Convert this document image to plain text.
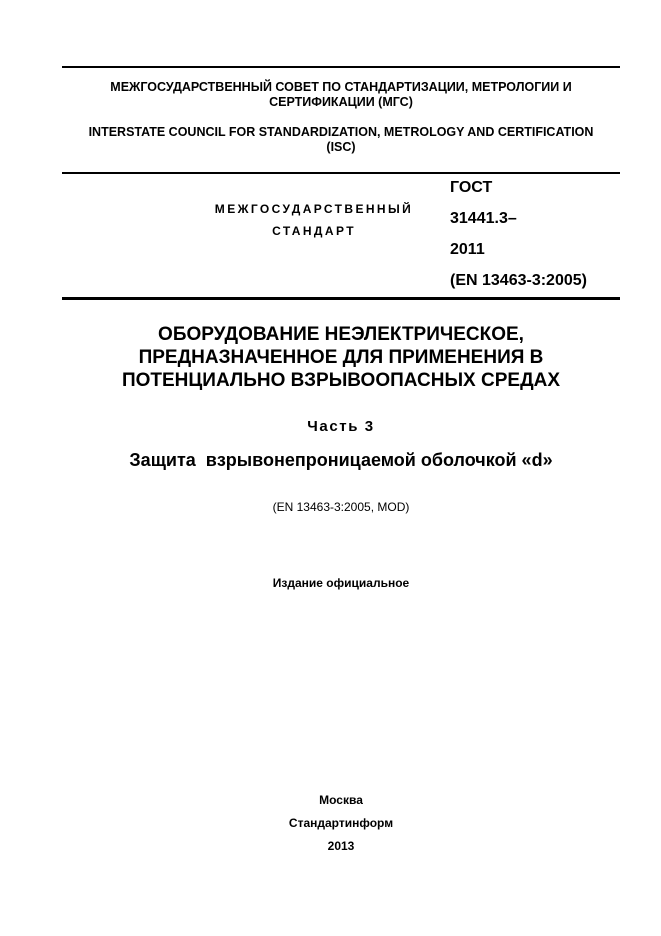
МЕЖГОСУДАРСТВЕННЫЙ СОВЕТ ПО СТАНДАРТИЗАЦИИ, МЕТРОЛОГИИ И
СЕРТИФИКАЦИИ (МГС)
INTERSTATE COUNCIL FOR STANDARDIZATION, METROLOGY AND CERTIFICATION
(ISC)
МЕЖГОСУДАРСТВЕННЫЙ
СТАНДАРТ
ГОСТ
31441.3–
2011
(EN 13463-3:2005)
ОБОРУДОВАНИЕ НЕЭЛЕКТРИЧЕСКОЕ,
ПРЕДНАЗНАЧЕННОЕ ДЛЯ ПРИМЕНЕНИЯ В
ПОТЕНЦИАЛЬНО ВЗРЫВООПАСНЫХ СРЕДАХ
Часть 3
Защита  взрывонепроницаемой оболочкой «d»
(EN 13463-3:2005, MOD)
Издание официальное
Москва
Стандартинформ
2013
